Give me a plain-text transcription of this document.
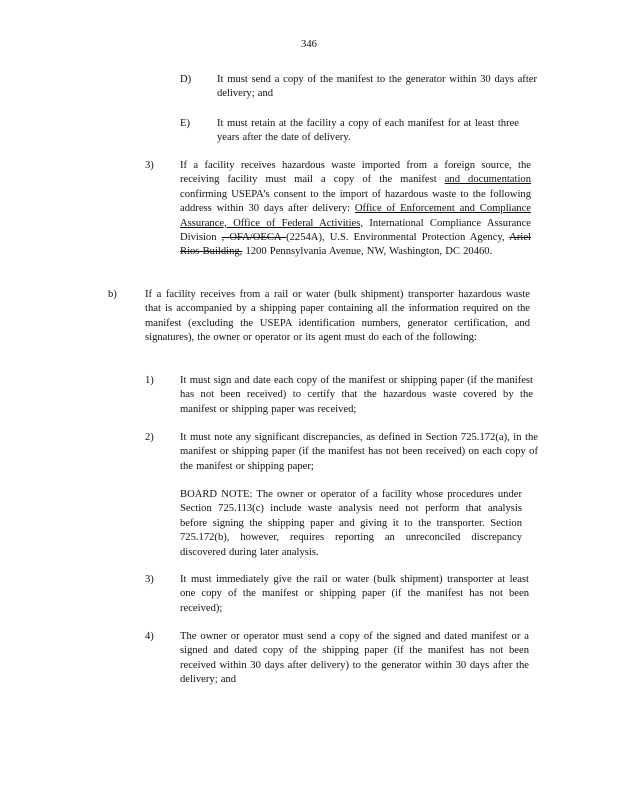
346
D) It must send a copy of the manifest to the generator within 30 days after delivery; and
E)	It must retain at the facility a copy of each manifest for at least three years after the date of delivery.
3) If a facility receives hazardous waste imported from a foreign source, the receiving facility must mail a copy of the manifest and documentation confirming USEPA’s consent to the import of hazardous waste to the following address within 30 days after delivery: Office of Enforcement and Compliance Assurance, Office of Federal Activities, International Compliance Assurance Division , OFA/OECA (2254A), U.S. Environmental Protection Agency, Ariel Rios Building, 1200 Pennsylvania Avenue, NW, Washington, DC 20460.
b)	If a facility receives from a rail or water (bulk shipment) transporter hazardous waste that is accompanied by a shipping paper containing all the information required on the manifest (excluding the USEPA identification numbers, generator certification, and signatures), the owner or operator or its agent must do each of the following:
1) It must sign and date each copy of the manifest or shipping paper (if the manifest has not been received) to certify that the hazardous waste covered by the manifest or shipping paper was received;
2) It must note any significant discrepancies, as defined in Section 725.172(a), in the manifest or shipping paper (if the manifest has not been received) on each copy of the manifest or shipping paper;
BOARD NOTE: The owner or operator of a facility whose procedures under Section 725.113(c) include waste analysis need not perform that analysis before signing the shipping paper and giving it to the transporter. Section 725.172(b), however, requires reporting an unreconciled discrepancy discovered during later analysis.
3) It must immediately give the rail or water (bulk shipment) transporter at least one copy of the manifest or shipping paper (if the manifest has not been received);
4) The owner or operator must send a copy of the signed and dated manifest or a signed and dated copy of the shipping paper (if the manifest has not been received within 30 days after delivery) to the generator within 30 days after the delivery; and
